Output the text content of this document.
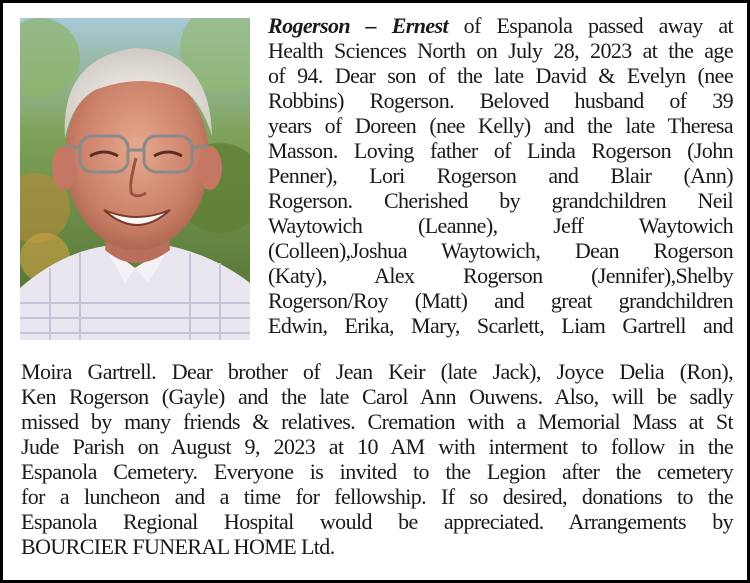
Rogerson – Ernest of Espanola passed away at
Health Sciences North on July 28, 2023 at the age
of 94. Dear son of the late David & Evelyn (nee
Robbins) Rogerson. Beloved husband of 39
years of Doreen (nee Kelly) and the late Theresa
Masson. Loving father of Linda Rogerson (John
Penner), Lori Rogerson and Blair (Ann)
Rogerson. Cherished by grandchildren Neil
Waytowich (Leanne), Jeff Waytowich
(Colleen),Joshua Waytowich, Dean Rogerson
(Katy), Alex Rogerson (Jennifer),Shelby
Rogerson/Roy (Matt) and great grandchildren
Edwin, Erika, Mary, Scarlett, Liam Gartrell and
Moira Gartrell. Dear brother of Jean Keir (late Jack), Joyce Delia (Ron),
Ken Rogerson (Gayle) and the late Carol Ann Ouwens. Also, will be sadly
missed by many friends & relatives. Cremation with a Memorial Mass at St
Jude Parish on August 9, 2023 at 10 AM with interment to follow in the
Espanola Cemetery. Everyone is invited to the Legion after the cemetery
for a luncheon and a time for fellowship. If so desired, donations to the
Espanola Regional Hospital would be appreciated. Arrangements by
BOURCIER FUNERAL HOME Ltd.
